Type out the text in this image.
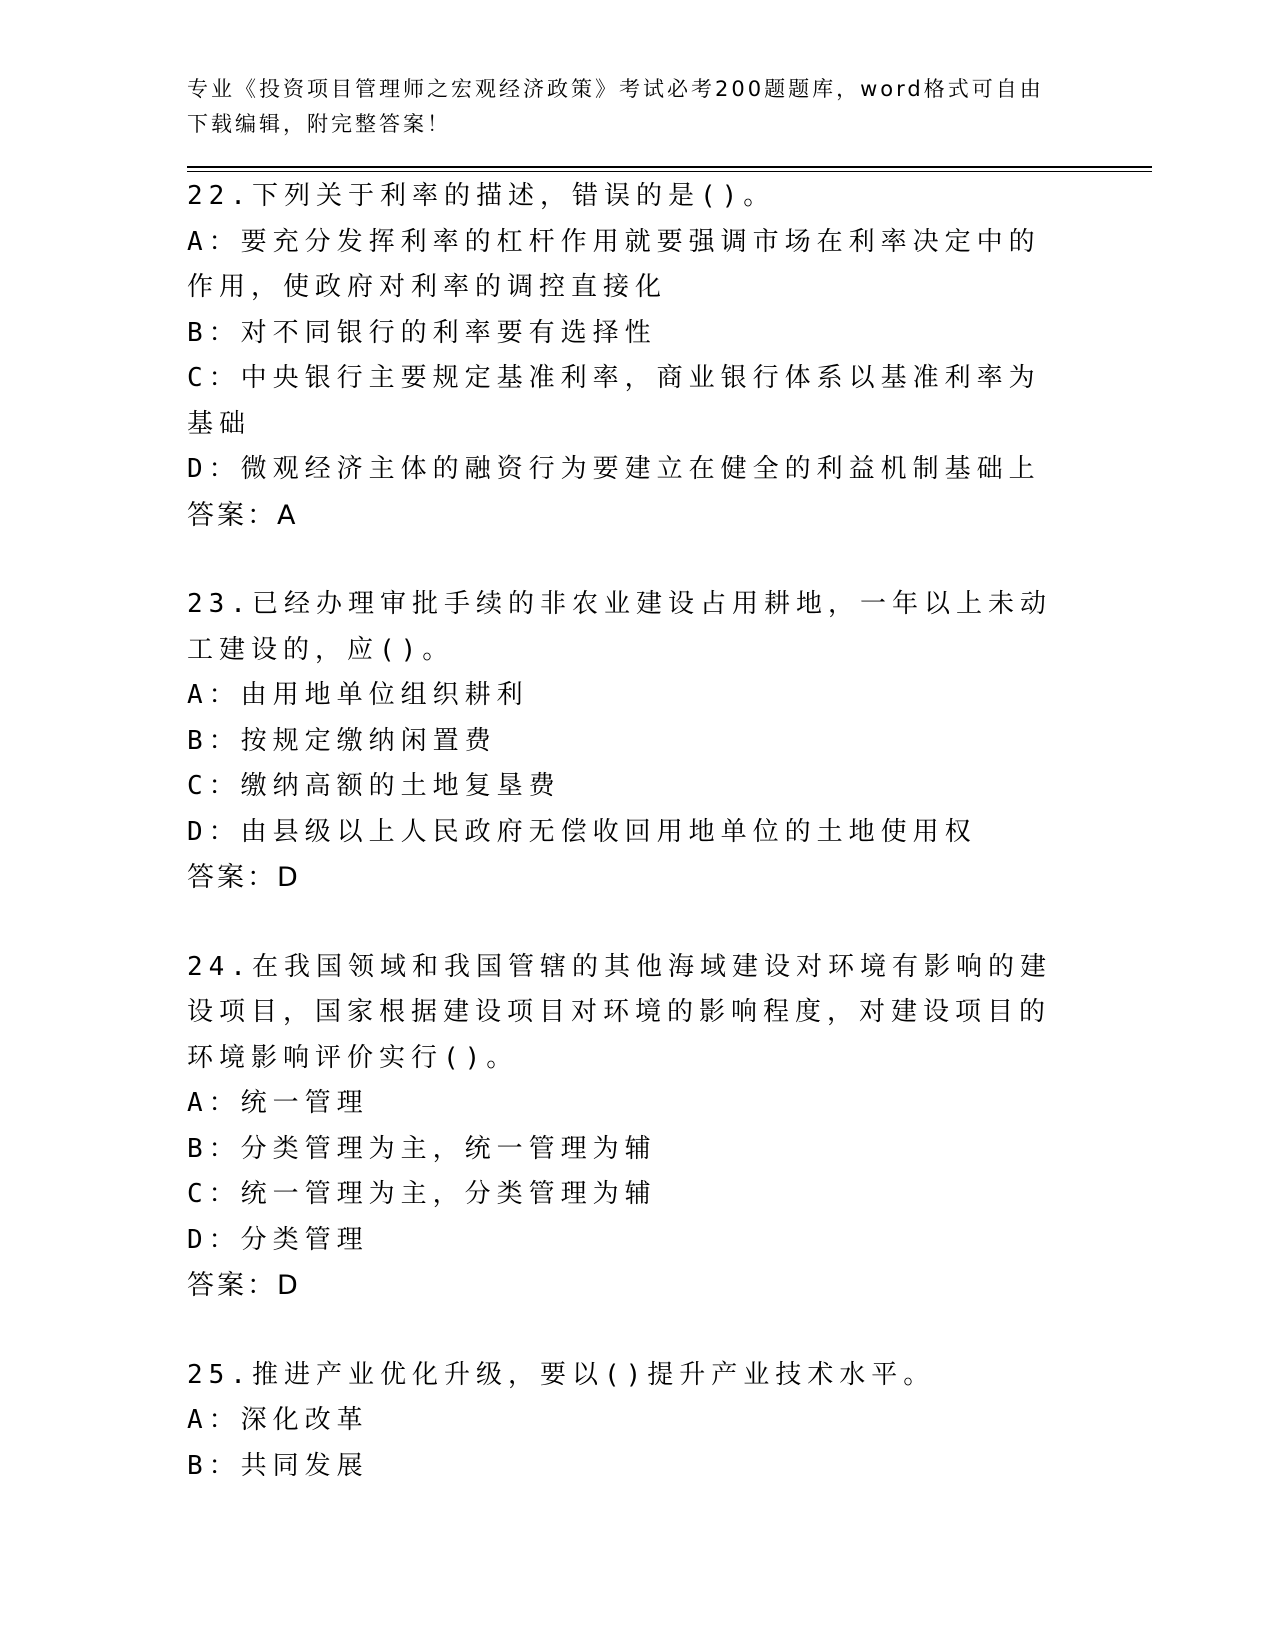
专业《投资项目管理师之宏观经济政策》考试必考200题题库，word格式可自由下载编辑，附完整答案！
22.下列关于利率的描述，错误的是()。
A：要充分发挥利率的杠杆作用就要强调市场在利率决定中的作用，使政府对利率的调控直接化
B：对不同银行的利率要有选择性
C：中央银行主要规定基准利率，商业银行体系以基准利率为基础
D：微观经济主体的融资行为要建立在健全的利益机制基础上
答案：A
23.已经办理审批手续的非农业建设占用耕地，一年以上未动工建设的，应()。
A：由用地单位组织耕利
B：按规定缴纳闲置费
C：缴纳高额的土地复垦费
D：由县级以上人民政府无偿收回用地单位的土地使用权
答案：D
24.在我国领域和我国管辖的其他海域建设对环境有影响的建设项目，国家根据建设项目对环境的影响程度，对建设项目的环境影响评价实行()。
A：统一管理
B：分类管理为主，统一管理为辅
C：统一管理为主，分类管理为辅
D：分类管理
答案：D
25.推进产业优化升级，要以()提升产业技术水平。
A：深化改革
B：共同发展
